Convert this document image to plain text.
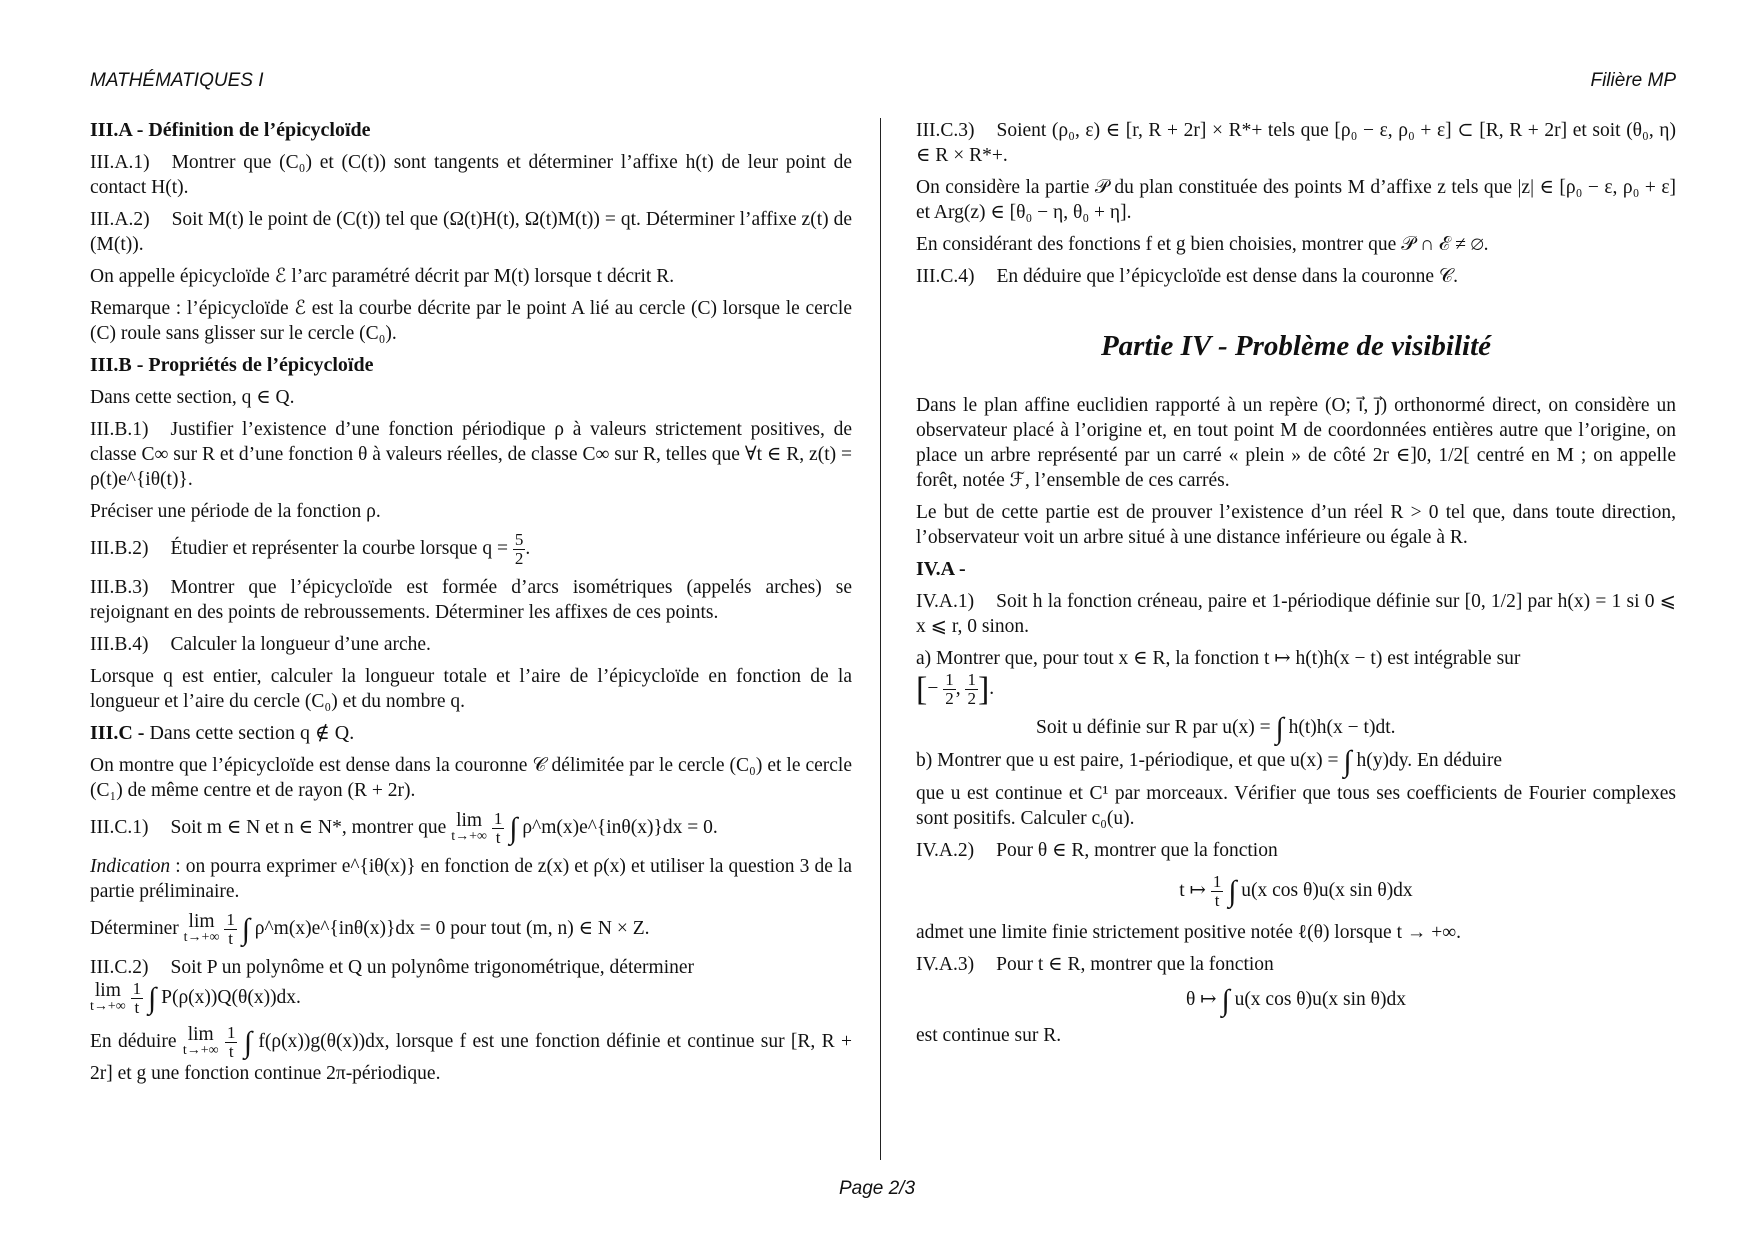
MATHÉMATIQUES I	Filière MP
III.A - Définition de l’épicycloïde

III.A.1) Montrer que (C₀) et (C(t)) sont tangents et déterminer l’affixe h(t) de leur point de contact H(t).

III.A.2) Soit M(t) le point de (C(t)) tel que (Ω(t)H(t), Ω(t)M(t)) = qt. Déterminer l’affixe z(t) de (M(t)).

On appelle épicycloïde ℰ l’arc paramétré décrit par M(t) lorsque t décrit R.

Remarque : l’épicycloïde ℰ est la courbe décrite par le point A lié au cercle (C) lorsque le cercle (C) roule sans glisser sur le cercle (C₀).

III.B - Propriétés de l’épicycloïde

Dans cette section, q ∈ Q.

III.B.1) Justifier l’existence d’une fonction périodique ρ à valeurs strictement positives, de classe C∞ sur R et d’une fonction θ à valeurs réelles, de classe C∞ sur R, telles que ∀t ∈ R, z(t) = ρ(t)e^{iθ(t)}.

Préciser une période de la fonction ρ.

III.B.2) Étudier et représenter la courbe lorsque $q = \frac{5}{2}$ .

III.B.3) Montrer que l’épicycloïde est formée d’arcs isométriques (appelés arches) se rejoignant en des points de rebroussements. Déterminer les affixes de ces points.

III.B.4) Calculer la longueur d’une arche.

Lorsque q est entier, calculer la longueur totale et l’aire de l’épicycloïde en fonction de la longueur et l’aire du cercle (C₀) et du nombre q.

III.C - Dans cette section q ∉ Q.

On montre que l’épicycloïde est dense dans la couronne 𝒞 délimitée par le cercle (C₀) et le cercle (C₁) de même centre et de rayon (R + 2r).

III.C.1) Soit m ∈ N et n ∈ N*, montrer que lim
t→+∞
$\frac{1}{t}$ ∫ ρ^m(x)e^{inθ(x)}dx = 0.

Indication : on pourra exprimer e^{iθ(x)} en fonction de z(x) et ρ(x) et utiliser la question 3 de la partie préliminaire.

Déterminer lim
t→+∞
$\frac{1}{t}$ ∫ ρ^m(x)e^{inθ(x)}dx = 0 pour tout (m, n) ∈ N × Z.

III.C.2) Soit P un polynôme et Q un polynôme trigonométrique, déterminer
lim
t→+∞
$\frac{1}{t}$ ∫ P(ρ(x))Q(θ(x))dx.

En déduire lim
t→+∞
$\frac{1}{t}$ ∫ f(ρ(x))g(θ(x))dx, lorsque f est une fonction définie et continue sur [R, R + 2r] et g une fonction continue 2π-périodique.

III.C.3) Soient (ρ₀, ε) ∈ [r, R + 2r] × R*+ tels que [ρ₀ − ε, ρ₀ + ε] ⊂ [R, R + 2r] et soit (θ₀, η) ∈ R × R*+.

On considère la partie 𝒫 du plan constituée des points M d’affixe z tels que |z| ∈ [ρ₀ − ε, ρ₀ + ε] et Arg(z) ∈ [θ₀ − η, θ₀ + η].

En considérant des fonctions f et g bien choisies, montrer que 𝒫 ∩ ℰ ≠ ∅.

III.C.4) En déduire que l’épicycloïde est dense dans la couronne 𝒞.

Partie IV - Problème de visibilité

Dans le plan affine euclidien rapporté à un repère (O; i⃗, j⃗) orthonormé direct, on considère un observateur placé à l’origine et, en tout point M de coordonnées entières autre que l’origine, on place un arbre représenté par un carré « plein » de côté 2r ∈]0, 1/2[ centré en M ; on appelle forêt, notée ℱ, l’ensemble de ces carrés.

Le but de cette partie est de prouver l’existence d’un réel R > 0 tel que, dans toute direction, l’observateur voit un arbre situé à une distance inférieure ou égale à R.

IV.A -

IV.A.1) Soit h la fonction créneau, paire et 1-périodique définie sur [0, 1/2] par h(x) = 1 si 0 ⩽ x ⩽ r, 0 sinon.

a) Montrer que, pour tout x ∈ R, la fonction t ↦ h(t)h(x − t) est intégrable sur
[− $\frac{1}{2}$ , $\frac{1}{2}$ ].

Soit u définie sur R par u(x) = ∫ h(t)h(x − t)dt.

b) Montrer que u est paire, 1-périodique, et que u(x) = ∫ h(y)dy. En déduire

que u est continue et C¹ par morceaux. Vérifier que tous ses coefficients de Fourier complexes sont positifs. Calculer c₀(u).

IV.A.2) Pour θ ∈ R, montrer que la fonction

t ↦ $\frac{1}{t}$ ∫ u(x cos θ)u(x sin θ)dx

admet une limite finie strictement positive notée ℓ(θ) lorsque t → +∞.

IV.A.3) Pour t ∈ R, montrer que la fonction

θ ↦ ∫ u(x cos θ)u(x sin θ)dx

est continue sur R.

Page 2/3
